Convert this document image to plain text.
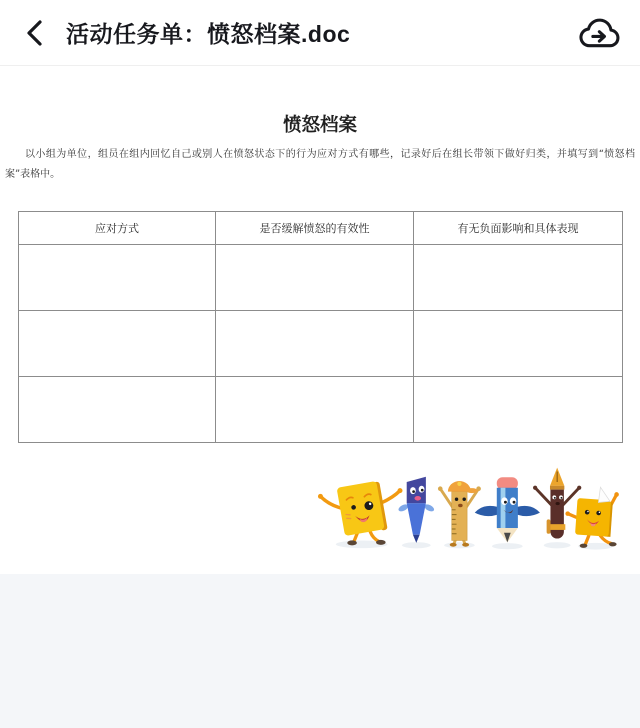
活动任务单：愤怒档案.doc
愤怒档案

以小组为单位，组员在组内回忆自己或别人在愤怒状态下的行为应对方式有哪些，记录好后在组长带领下做好归类，并填写到“愤怒档案”表格中。

应对方式	是否缓解愤怒的有效性	有无负面影响和具体表现
